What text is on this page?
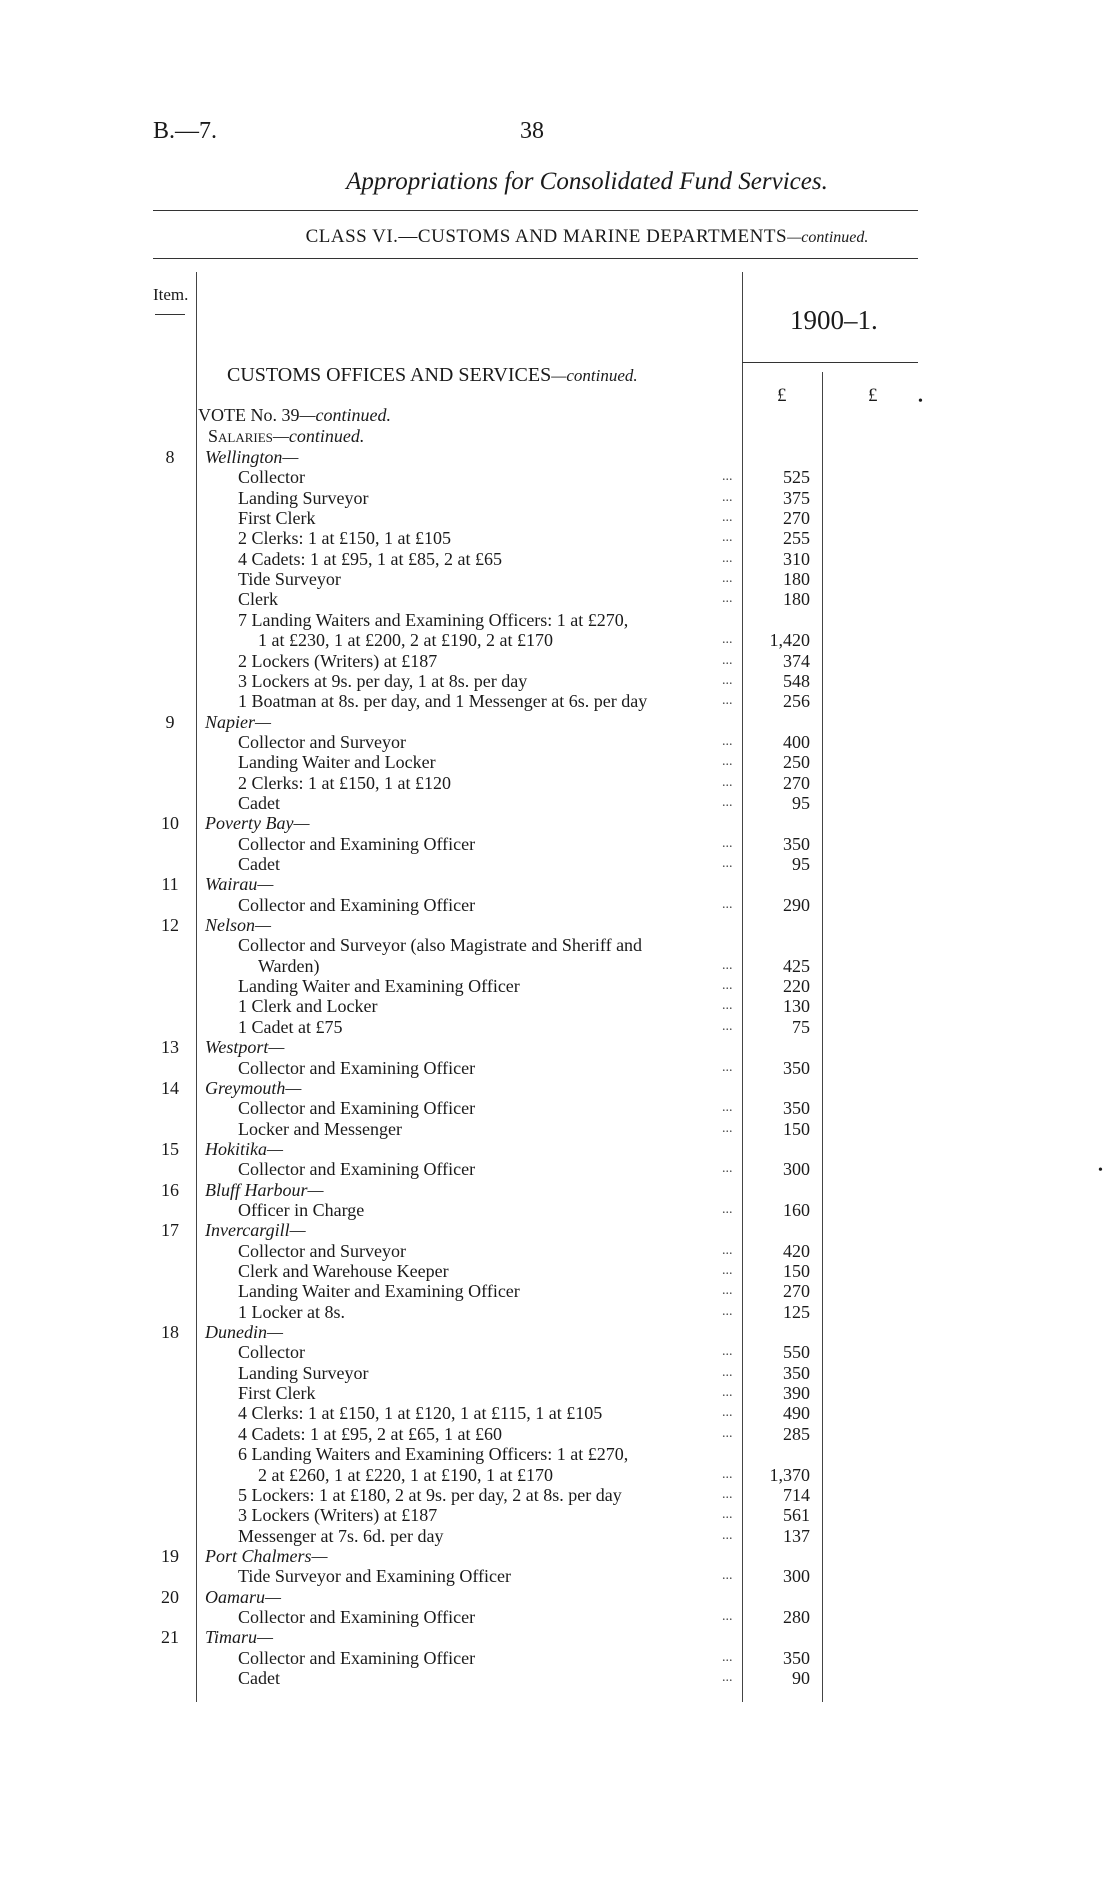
B.—7.	38
Appropriations for Consolidated Fund Services.
CLASS VI.—CUSTOMS AND MARINE DEPARTMENTS—continued.
Item.
1900–1.
£	£
CUSTOMS OFFICES AND SERVICES—continued.
VOTE No. 39—continued.
Salaries—continued.
8	Wellington—
Collector	...	525
Landing Surveyor	...	375
First Clerk	...	270
2 Clerks: 1 at £150, 1 at £105	...	255
4 Cadets: 1 at £95, 1 at £85, 2 at £65	...	310
Tide Surveyor	...	180
Clerk	...	180
7 Landing Waiters and Examining Officers: 1 at £270,
1 at £230, 1 at £200, 2 at £190, 2 at £170	...	1,420
2 Lockers (Writers) at £187	...	374
3 Lockers at 9s. per day, 1 at 8s. per day	...	548
1 Boatman at 8s. per day, and 1 Messenger at 6s. per day	...	256
9	Napier—
Collector and Surveyor	...	400
Landing Waiter and Locker	...	250
2 Clerks: 1 at £150, 1 at £120	...	270
Cadet	...	95
10	Poverty Bay—
Collector and Examining Officer	...	350
Cadet	...	95
11	Wairau—
Collector and Examining Officer	...	290
12	Nelson—
Collector and Surveyor (also Magistrate and Sheriff and
Warden)	...	425
Landing Waiter and Examining Officer	...	220
1 Clerk and Locker	...	130
1 Cadet at £75	...	75
13	Westport—
Collector and Examining Officer	...	350
14	Greymouth—
Collector and Examining Officer	...	350
Locker and Messenger	...	150
15	Hokitika—
Collector and Examining Officer	...	300
16	Bluff Harbour—
Officer in Charge	...	160
17	Invercargill—
Collector and Surveyor	...	420
Clerk and Warehouse Keeper	...	150
Landing Waiter and Examining Officer	...	270
1 Locker at 8s.	...	125
18	Dunedin—
Collector	...	550
Landing Surveyor	...	350
First Clerk	...	390
4 Clerks: 1 at £150, 1 at £120, 1 at £115, 1 at £105	...	490
4 Cadets: 1 at £95, 2 at £65, 1 at £60	...	285
6 Landing Waiters and Examining Officers: 1 at £270,
2 at £260, 1 at £220, 1 at £190, 1 at £170	...	1,370
5 Lockers: 1 at £180, 2 at 9s. per day, 2 at 8s. per day	...	714
3 Lockers (Writers) at £187	...	561
Messenger at 7s. 6d. per day	...	137
19	Port Chalmers—
Tide Surveyor and Examining Officer	...	300
20	Oamaru—
Collector and Examining Officer	...	280
21	Timaru—
Collector and Examining Officer	...	350
Cadet	...	90
•
•
